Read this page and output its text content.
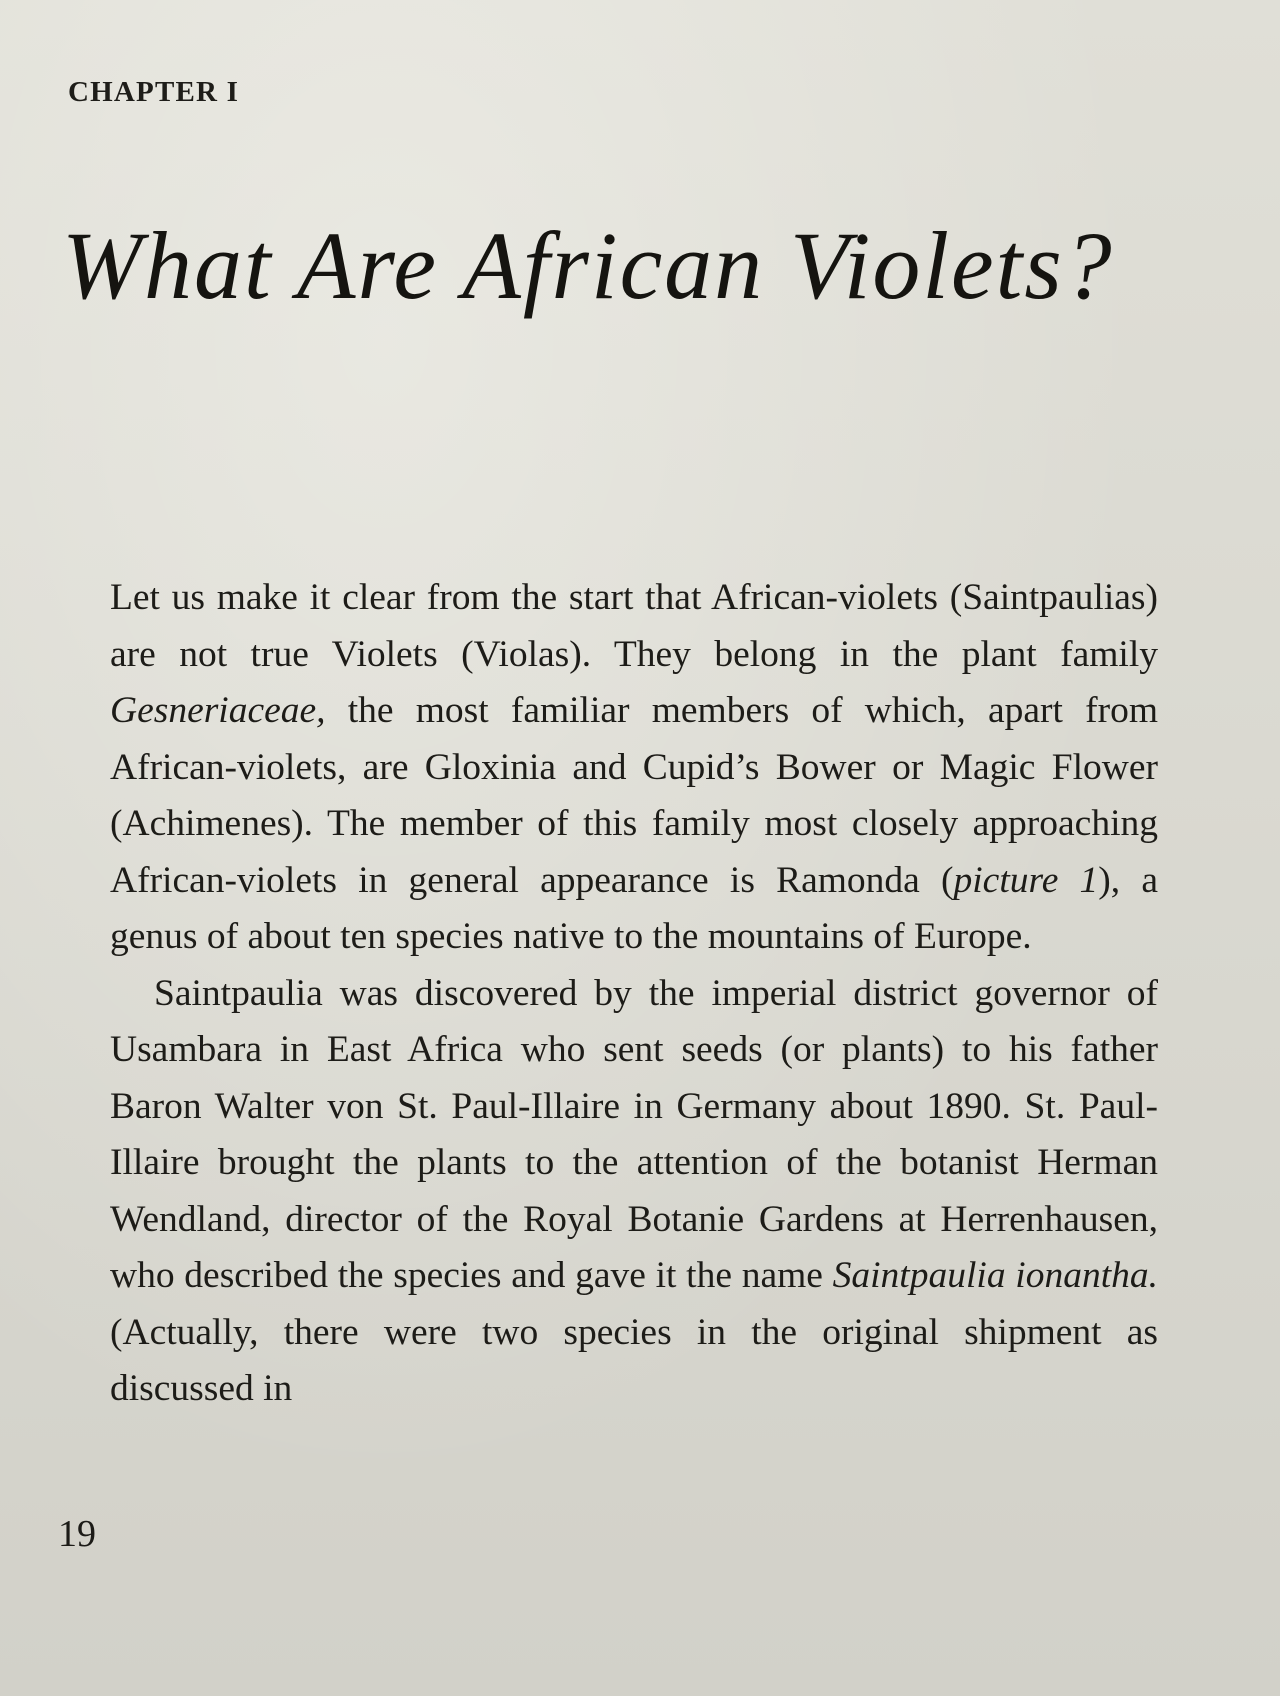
CHAPTER I
What Are African Violets?

Let us make it clear from the start that African-violets (Saintpaulias) are not true Violets (Violas). They belong in the plant family Gesneriaceae, the most familiar members of which, apart from African-violets, are Gloxinia and Cupid’s Bower or Magic Flower (Achimenes). The member of this family most closely approaching African-violets in general appearance is Ramonda (picture 1), a genus of about ten species native to the mountains of Europe.

Saintpaulia was discovered by the imperial district governor of Usambara in East Africa who sent seeds (or plants) to his father Baron Walter von St. Paul-Illaire in Germany about 1890. St. Paul-Illaire brought the plants to the attention of the botanist Herman Wendland, director of the Royal Botanie Gardens at Herrenhausen, who described the species and gave it the name Saintpaulia ionantha. (Actually, there were two species in the original shipment as discussed in

19
